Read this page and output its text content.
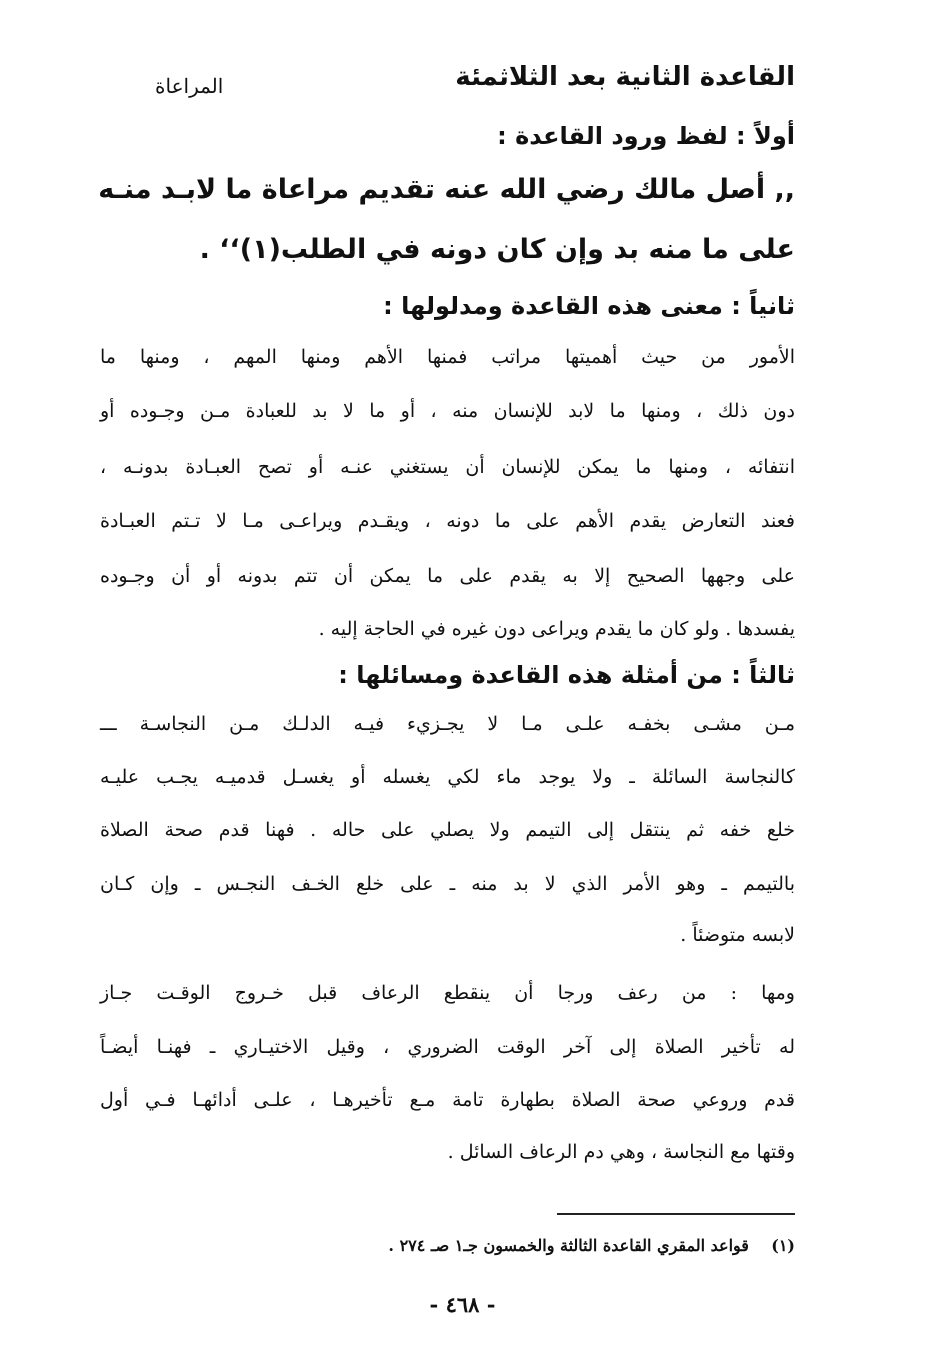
القاعدة الثانية بعد الثلاثمئة
المراعاة
أولاً : لفظ ورود القاعدة :
,, أصل مالك رضي الله عنه تقديم مراعاة ما لابـد منـه
على ما منه بد وإن كان دونه في الطلب(١)‘‘ .
ثانياً : معنى هذه القاعدة ومدلولها :
الأمور من حيث أهميتها مراتب فمنها الأهم ومنها المهم ، ومنها ما
دون ذلك ، ومنها ما لابد للإنسان منه ، أو ما لا بد للعبادة مـن وجـوده أو
انتفائه ، ومنها ما يمكن للإنسان أن يستغني عنـه أو تصح العبـادة بدونـه ،
فعند التعارض يقدم الأهم على ما دونه ، ويقـدم ويراعـى مـا لا تـتم العبـادة
على وجهها الصحيح إلا به يقدم على ما يمكن أن تتم بدونه أو أن وجـوده
يفسدها . ولو كان ما يقدم ويراعى دون غيره في الحاجة إليه .
ثالثاً : من أمثلة هذه القاعدة ومسائلها :
مـن مشـى بخفـه علـى مـا لا يجـزيء فيـه الدلـك مـن النجاسـة ـــ
كالنجاسة السائلة ـ ولا يوجد ماء لكي يغسله أو يغسـل قدميـه يجـب عليـه
خلع خفه ثم ينتقل إلى التيمم ولا يصلي على حاله . فهنا قدم صحة الصلاة
بالتيمم ـ وهو الأمر الذي لا بد منه ـ على خلع الخـف النجـس ـ وإن كـان
لابسه متوضئاً .
ومها : من رعف ورجا أن ينقطع الرعاف قبل خـروج الوقـت جـاز
له تأخير الصلاة إلى آخر الوقت الضروري ، وقيل الاختيـاري ـ فهنـا أيضـاً
قدم وروعي صحة الصلاة بطهارة تامة مـع تأخيرهـا ، علـى أدائهـا فـي أول
وقتها مع النجاسة ، وهي دم الرعاف السائل .
(١)    قواعد المقري القاعدة الثالثة والخمسون جـ١ صـ ٢٧٤ .
- ٤٦٨ -
